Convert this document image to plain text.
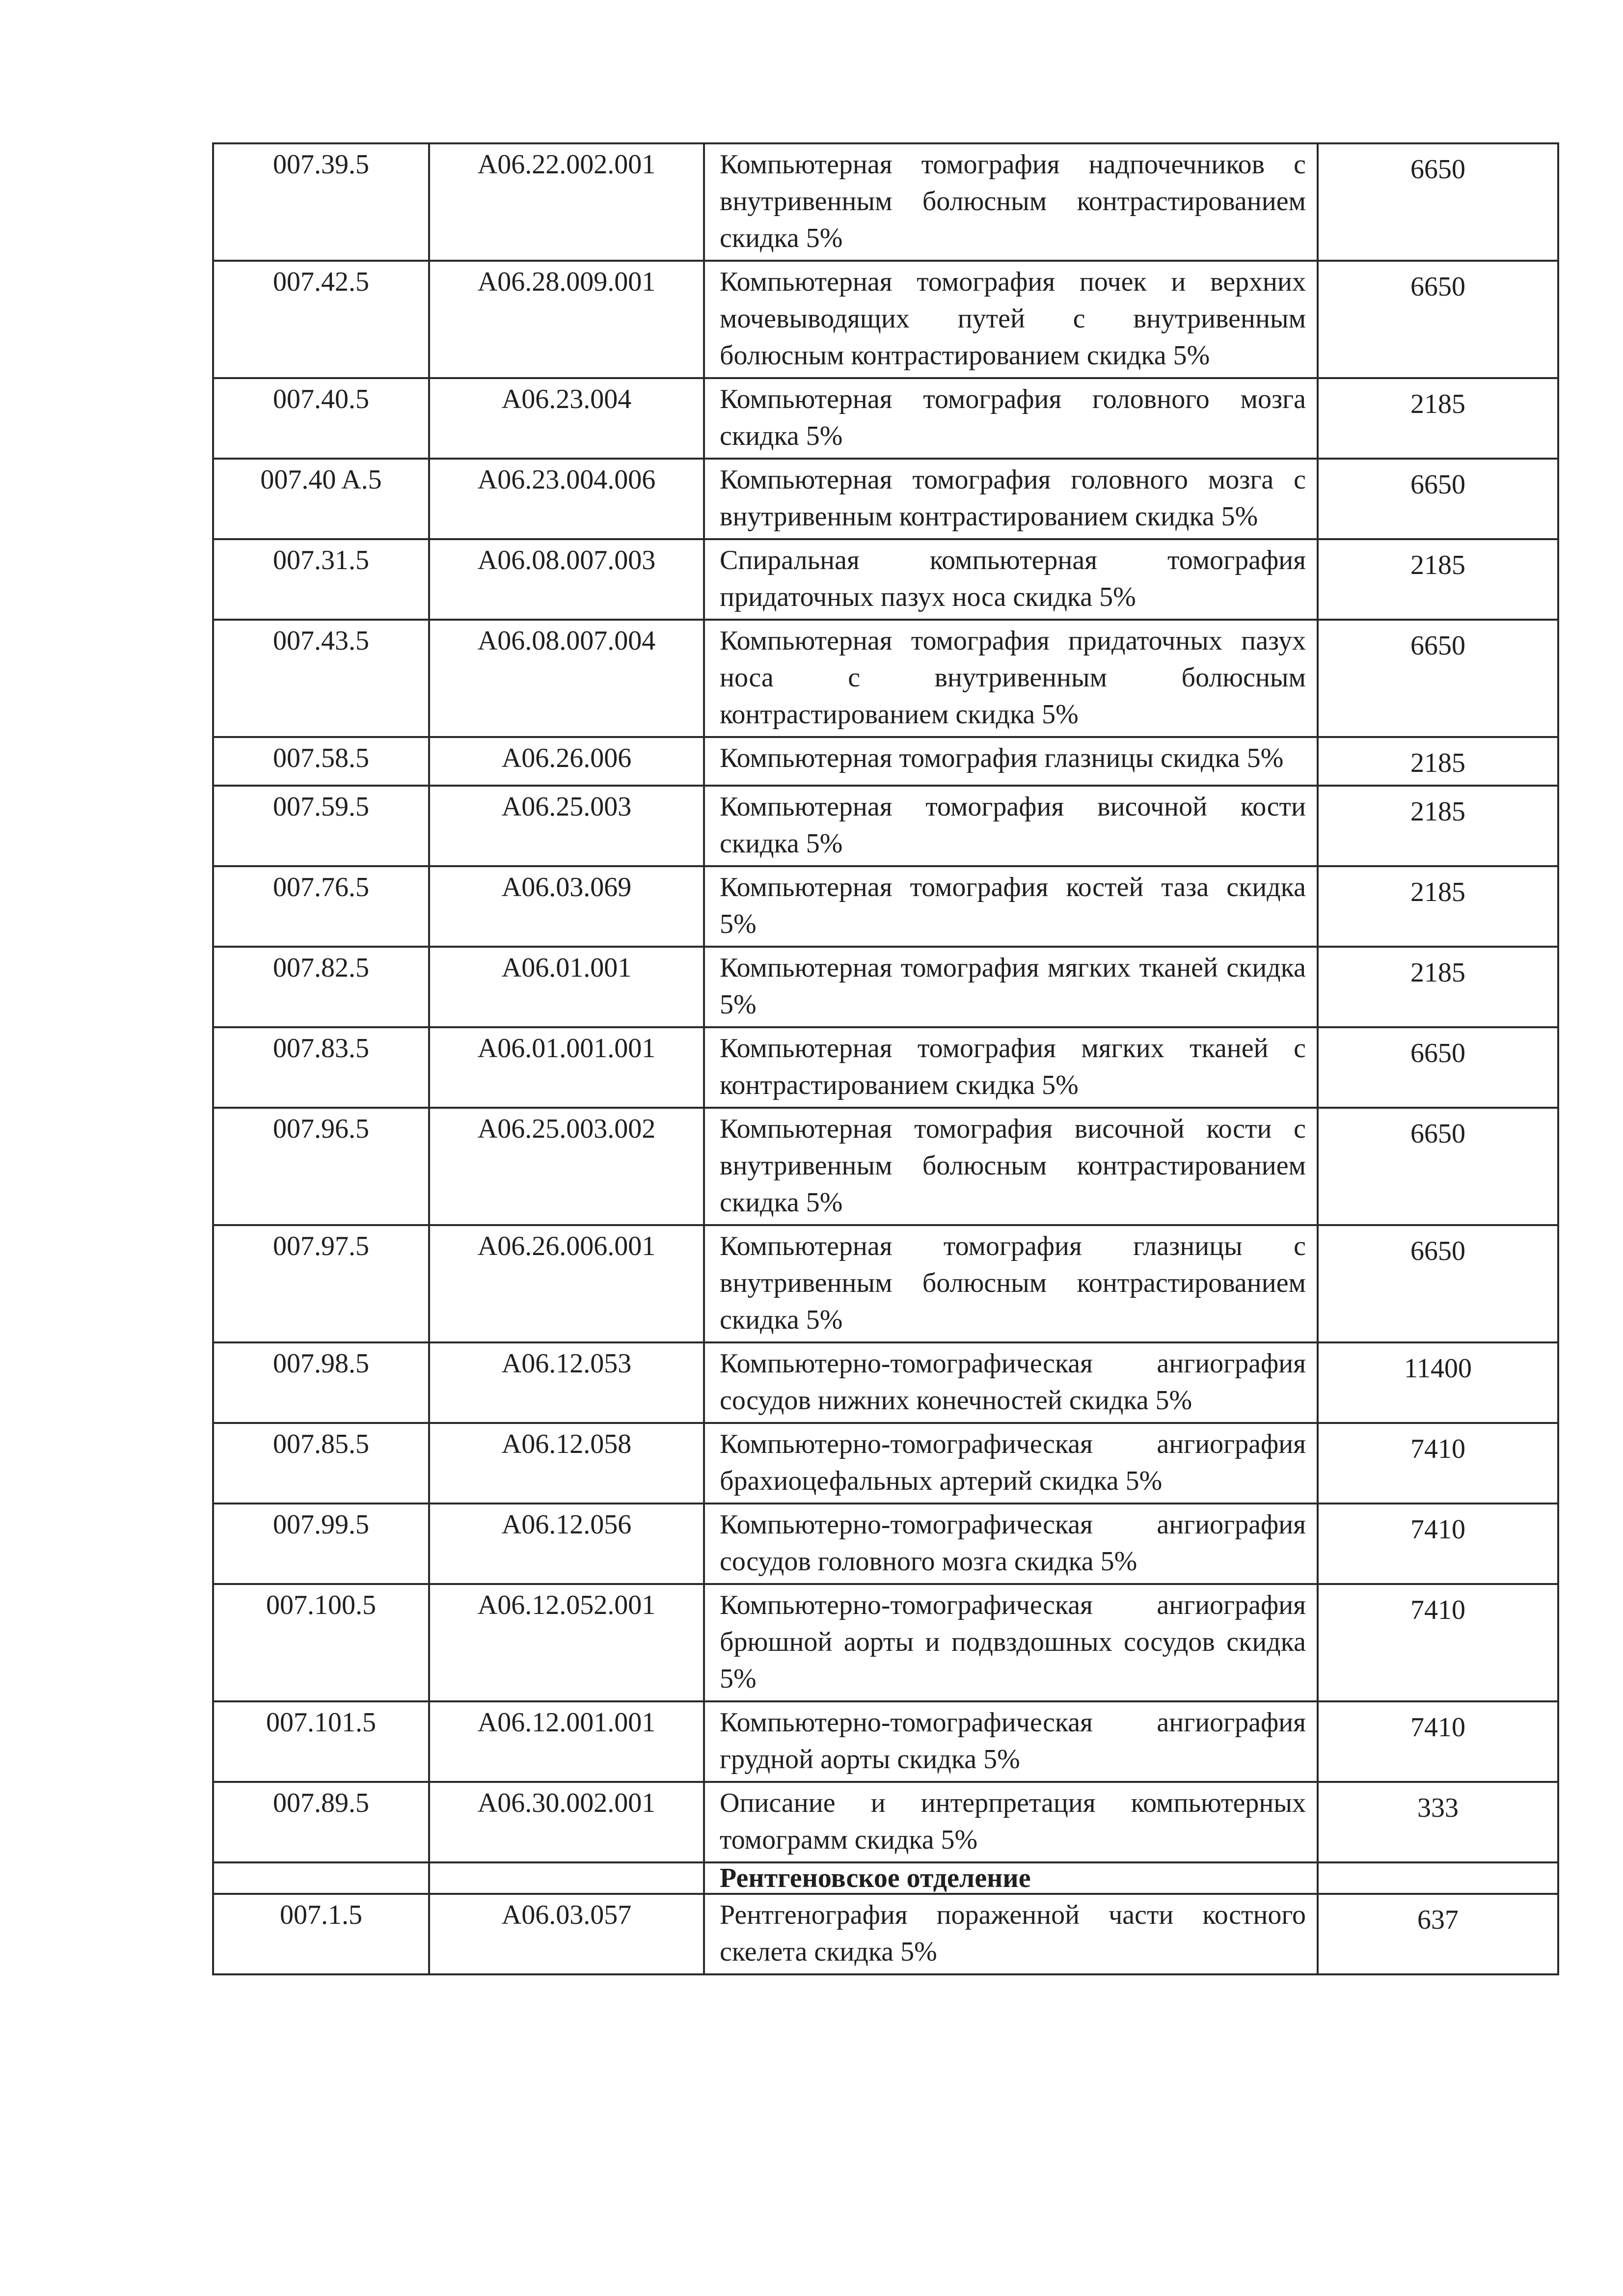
007.39.5	A06.22.002.001	Компьютерная томография надпочечников с внутривенным болюсным контрастированием скидка 5%	6650
007.42.5	A06.28.009.001	Компьютерная томография почек и верхних мочевыводящих путей с внутривенным болюсным контрастированием скидка 5%	6650
007.40.5	A06.23.004	Компьютерная томография головного мозга скидка 5%	2185
007.40 A.5	A06.23.004.006	Компьютерная томография головного мозга с внутривенным контрастированием скидка 5%	6650
007.31.5	A06.08.007.003	Спиральная компьютерная томография придаточных пазух носа скидка 5%	2185
007.43.5	A06.08.007.004	Компьютерная томография придаточных пазух носа с внутривенным болюсным контрастированием скидка 5%	6650
007.58.5	A06.26.006	Компьютерная томография глазницы скидка 5%	2185
007.59.5	A06.25.003	Компьютерная томография височной кости скидка 5%	2185
007.76.5	A06.03.069	Компьютерная томография костей таза скидка 5%	2185
007.82.5	A06.01.001	Компьютерная томография мягких тканей скидка 5%	2185
007.83.5	A06.01.001.001	Компьютерная томография мягких тканей с контрастированием скидка 5%	6650
007.96.5	A06.25.003.002	Компьютерная томография височной кости с внутривенным болюсным контрастированием скидка 5%	6650
007.97.5	A06.26.006.001	Компьютерная томография глазницы с внутривенным болюсным контрастированием скидка 5%	6650
007.98.5	A06.12.053	Компьютерно-томографическая ангиография сосудов нижних конечностей скидка 5%	11400
007.85.5	A06.12.058	Компьютерно-томографическая ангиография брахиоцефальных артерий скидка 5%	7410
007.99.5	A06.12.056	Компьютерно-томографическая ангиография сосудов головного мозга скидка 5%	7410
007.100.5	A06.12.052.001	Компьютерно-томографическая ангиография брюшной аорты и подвздошных сосудов скидка 5%	7410
007.101.5	A06.12.001.001	Компьютерно-томографическая ангиография грудной аорты скидка 5%	7410
007.89.5	A06.30.002.001	Описание и интерпретация компьютерных томограмм скидка 5%	333
		Рентгеновское отделение	
007.1.5	A06.03.057	Рентгенография пораженной части костного скелета скидка 5%	637
